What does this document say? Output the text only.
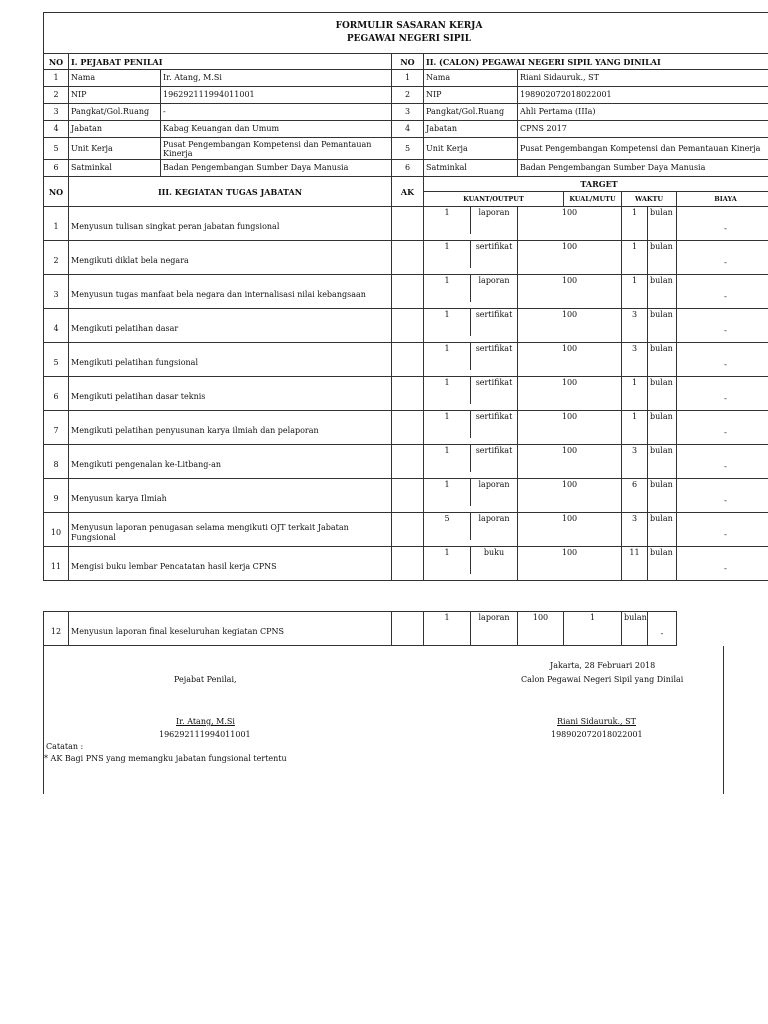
FORMULIR SASARAN KERJA
PEGAWAI NEGERI SIPIL									

NO	I. PEJABAT PENILAI		NO	II. (CALON) PEGAWAI NEGERI SIPIL YANG DINILAI					
1	Nama	Ir. Atang, M.Si	1	Nama	Riani Sidauruk., ST				
2	NIP	196292111994011001	2	NIP	198902072018022001				
3	Pangkat/Gol.Ruang	-	3	Pangkat/Gol.Ruang	Ahli Pertama (IIIa)				
4	Jabatan	Kabag Keuangan dan Umum	4	Jabatan	CPNS 2017				
5	Unit Kerja	Pusat Pengembangan Kompetensi dan Pemantauan Kinerja	5	Unit Kerja	Pusat Pengembangan Kompetensi dan Pemantauan Kinerja				
6	Satminkal	Badan Pengembangan Sumber Daya Manusia	6	Satminkal	Badan Pengembangan Sumber Daya Manusia				
NO	III. KEGIATAN TUGAS JABATAN		AK	TARGET					
				KUANT/OUTPUT		KUAL/MUTU	WAKTU		BIAYA
1	Menyusun tulisan singkat peran jabatan fungsional			1 laporan	100		1	bulan	-
2	Mengikuti diklat bela negara			1 sertifikat	100		1	bulan	-
3	Menyusun tugas manfaat bela negara dan internalisasi nilai kebangsaan			1 laporan	100		1	bulan	-
4	Mengikuti pelatihan dasar			1 sertifikat	100		3	bulan	-
5	Mengikuti pelatihan fungsional			1 sertifikat	100		3	bulan	-
6	Mengikuti pelatihan dasar teknis			1 sertifikat	100		1	bulan	-
7	Mengikuti pelatihan penyusunan karya ilmiah dan pelaporan			1 sertifikat	100		1	bulan	-
8	Mengikuti pengenalan ke-Litbang-an			1 sertifikat	100		3	bulan	-
9	Menyusun karya Ilmiah			1 laporan	100		6	bulan	-
10	Menyusun laporan penugasan selama mengikuti OJT terkait Jabatan Fungsional			5 laporan	100		3	bulan	-
11	Mengisi buku lembar Pencatatan hasil kerja CPNS			1 buku	100		11	bulan	-
12	Menyusun laporan final keseluruhan kegiatan CPNS		1	laporan	100	1	bulan	-
Jakarta, 28 Februari 2018
Pejabat Penilai,	Calon Pegawai Negeri Sipil yang Dinilai
Ir. Atang, M.Si
196292111994011001
Riani Sidauruk., ST
198902072018022001
Catatan :
* AK Bagi PNS yang memangku jabatan fungsional tertentu
